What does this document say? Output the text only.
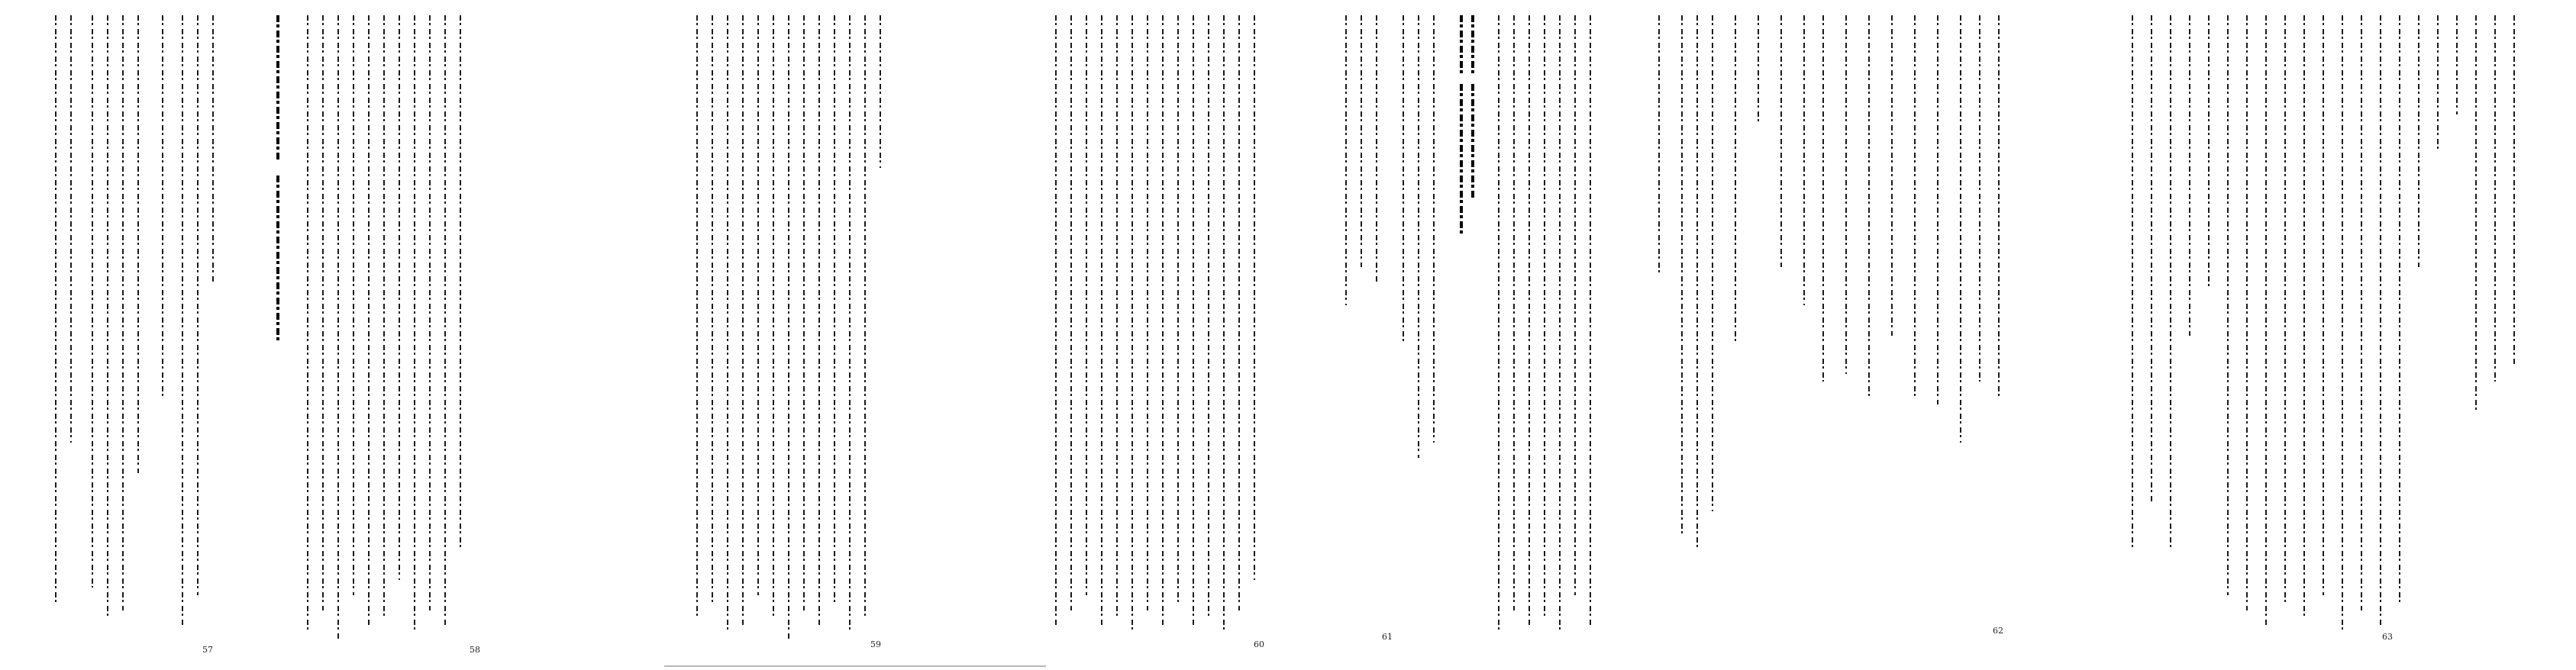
57	58
59	60
61
62
63
